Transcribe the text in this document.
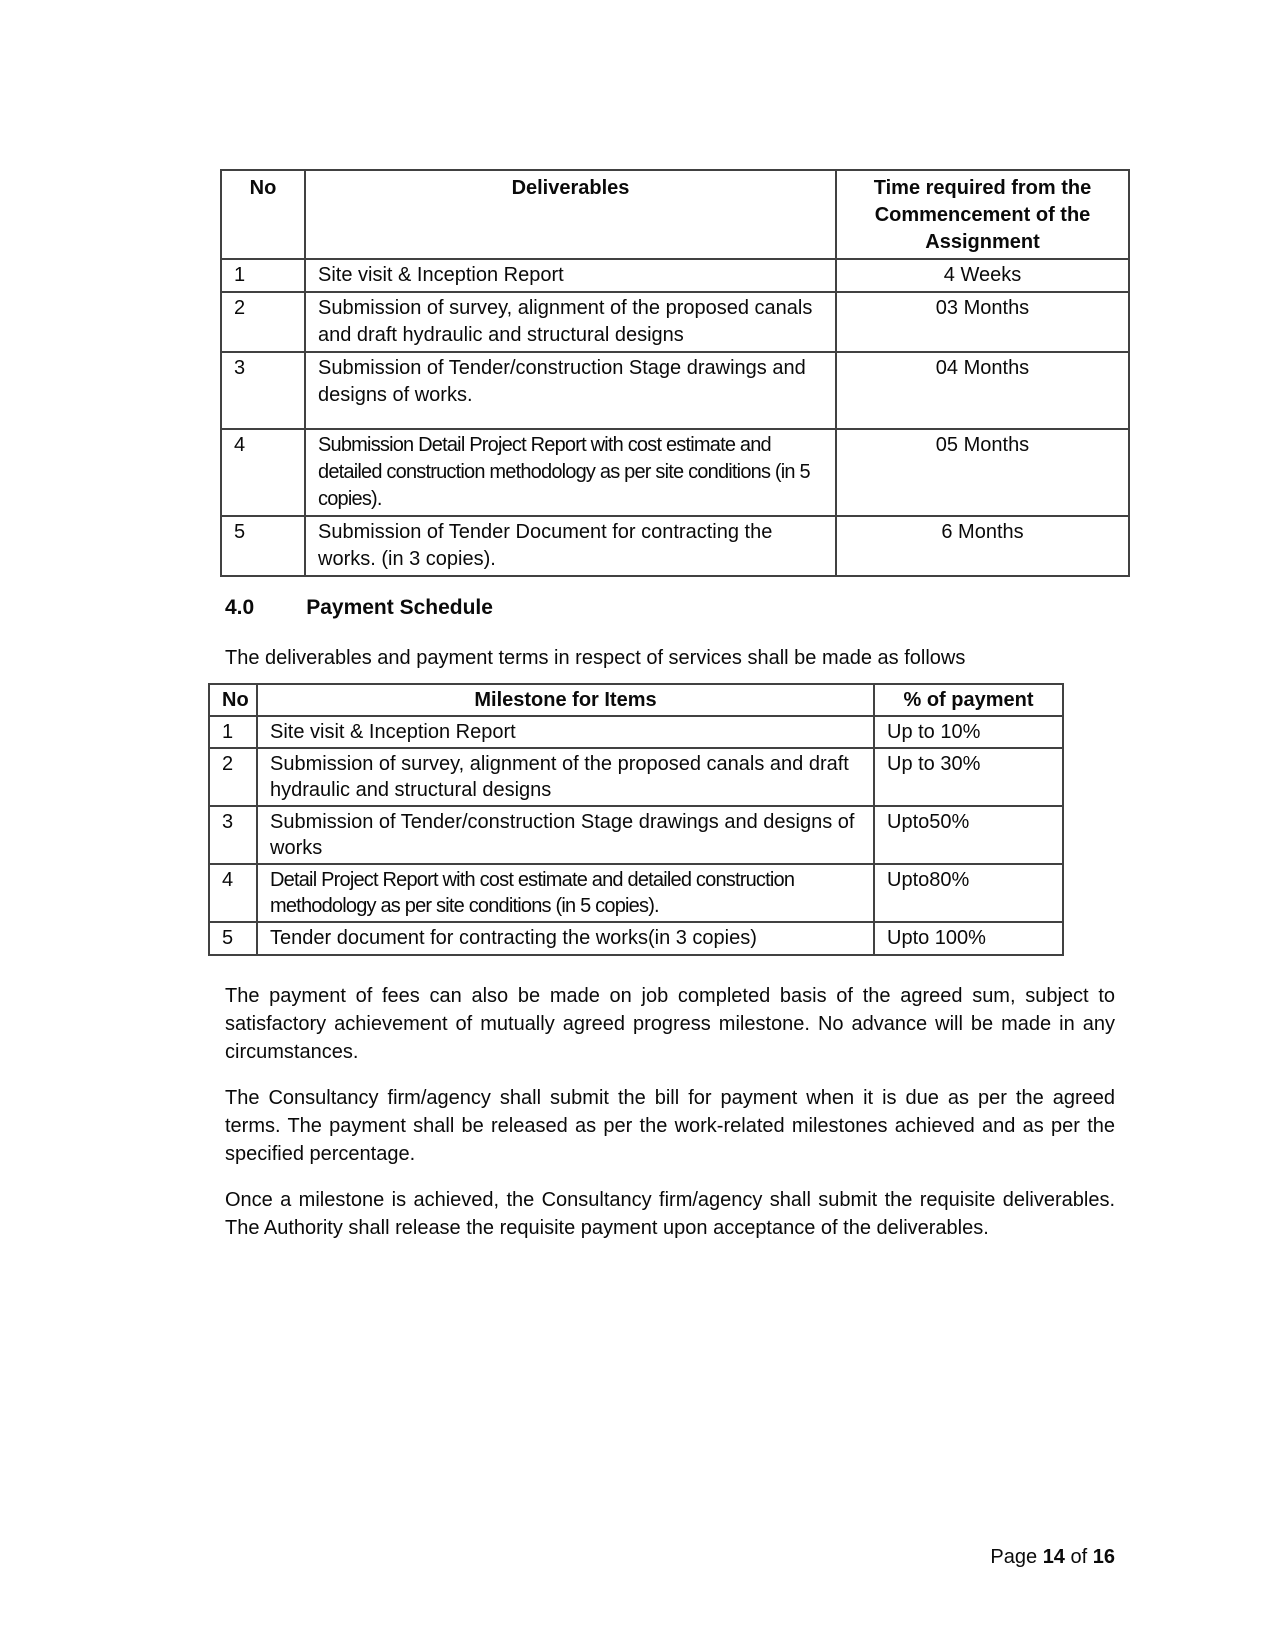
No	Deliverables	Time required from the Commencement of the Assignment
1	Site visit & Inception Report	4 Weeks
2	Submission of survey, alignment of the proposed canals and draft hydraulic and structural designs	03 Months
3	Submission of Tender/construction Stage drawings and designs of works.	04 Months
4	Submission Detail Project Report with cost estimate and detailed construction methodology as per site conditions (in 5 copies).	05 Months
5	Submission of Tender Document for contracting the works. (in 3 copies).	6 Months
4.0 Payment Schedule

The deliverables and payment terms in respect of services shall be made as follows

No	Milestone for Items	% of payment
1	Site visit & Inception Report	Up to 10%
2	Submission of survey, alignment of the proposed canals and draft hydraulic and structural designs	Up to 30%
3	Submission of Tender/construction Stage drawings and designs of works	Upto50%
4	Detail Project Report with cost estimate and detailed construction methodology as per site conditions (in 5 copies).	Upto80%
5	Tender document for contracting the works(in 3 copies)	Upto 100%

The payment of fees can also be made on job completed basis of the agreed sum, subject to satisfactory achievement of mutually agreed progress milestone. No advance will be made in any circumstances.

The Consultancy firm/agency shall submit the bill for payment when it is due as per the agreed terms. The payment shall be released as per the work-related milestones achieved and as per the specified percentage.

Once a milestone is achieved, the Consultancy firm/agency shall submit the requisite deliverables. The Authority shall release the requisite payment upon acceptance of the deliverables.

Page 14 of 16
